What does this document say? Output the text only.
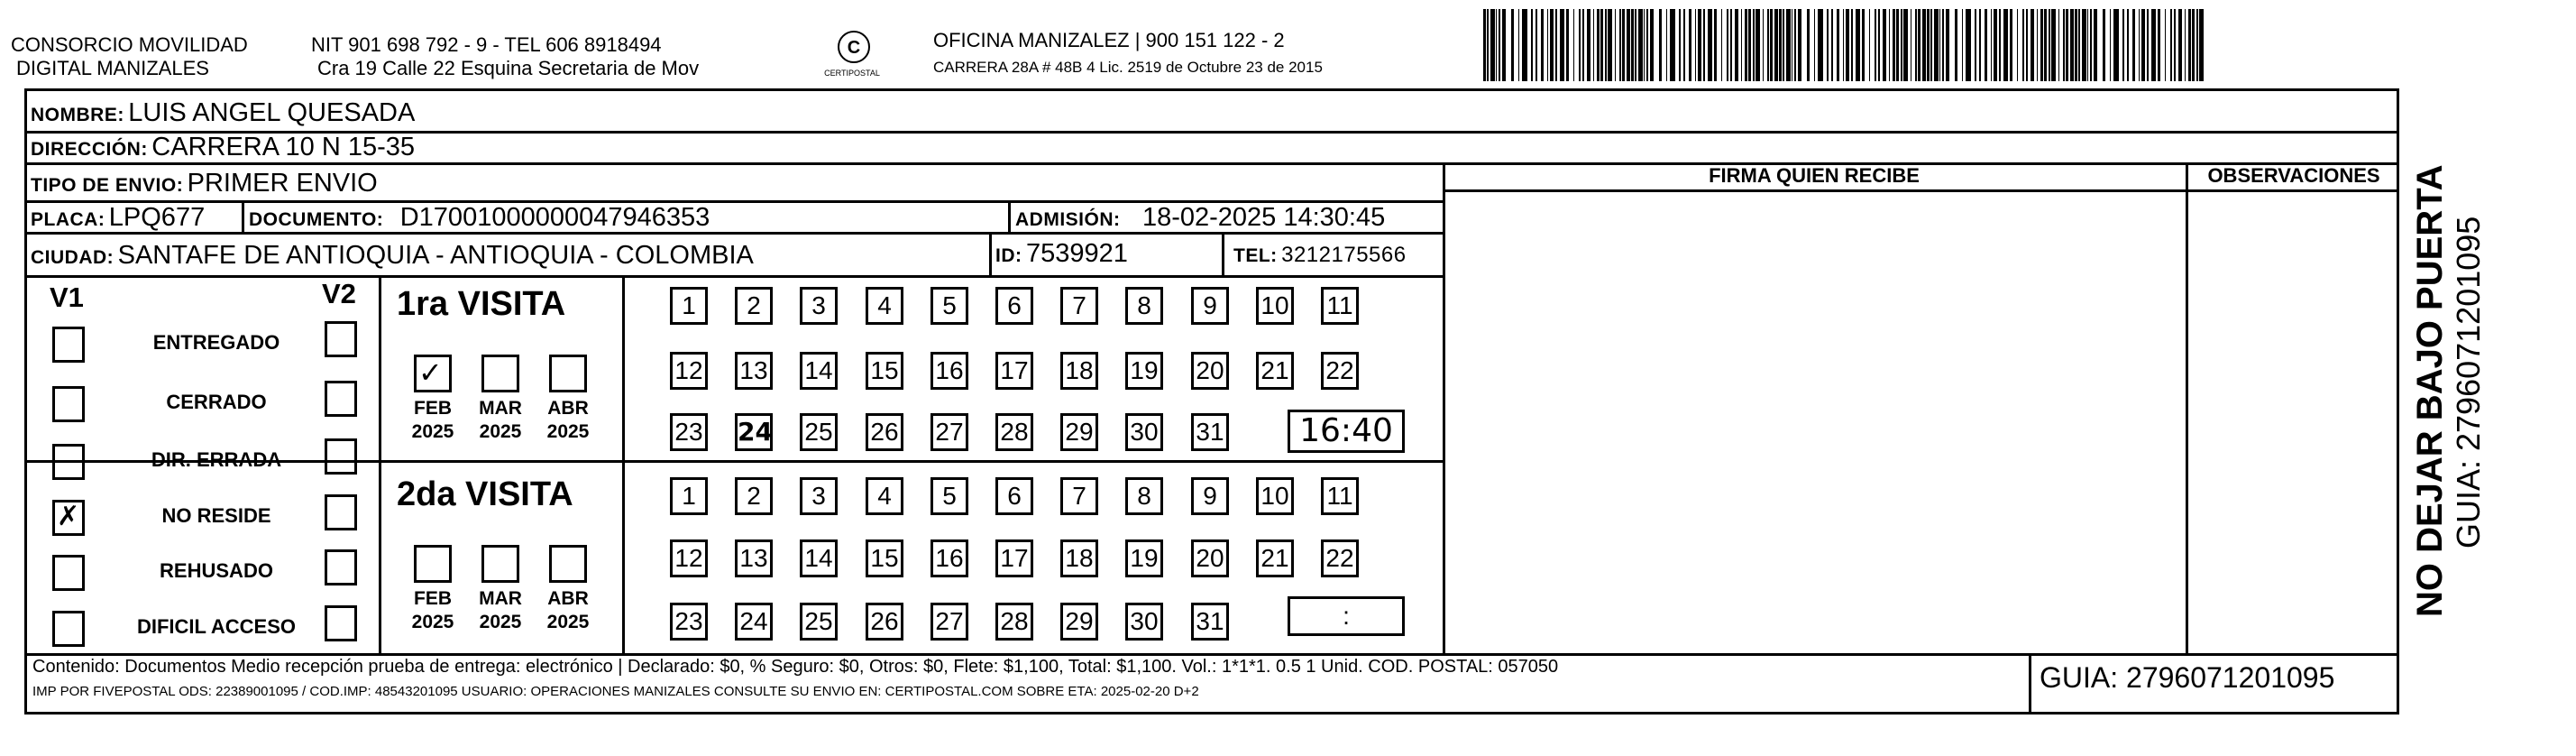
CONSORCIO MOVILIDAD
DIGITAL MANIZALES
NIT 901 698 792 - 9 - TEL 606 8918494
Cra 19 Calle 22 Esquina Secretaria de Mov
C
CERTIPOSTAL
OFICINA MANIZALEZ | 900 151 122 - 2
CARRERA 28A # 48B 4 Lic. 2519 de Octubre 23 de 2015
NOMBRE: LUIS ANGEL QUESADA
DIRECCIÓN: CARRERA 10 N 15-35
TIPO DE ENVIO: PRIMER ENVIO
PLACA: LPQ677 DOCUMENTO: D17001000000047946353	ADMISIÓN: 18-02-2025 14:30:45
CIUDAD: SANTAFE DE ANTIOQUIA - ANTIOQUIA - COLOMBIA	ID: 7539921	TEL: 3212175566
FIRMA QUIEN RECIBE	OBSERVACIONES
V1	V2
ENTREGADO
CERRADO
DIR. ERRADA
✗	NO RESIDE
REHUSADO
DIFICIL ACCESO
1ra VISITA
✓
FEB
2025
MAR
2025
ABR
2025
1	2	3	4	5	6	7	8	9	10 11
12 13 14 15 16 17 18 19 20 21 22
23 24 25 26 27 28 29 30 31	16:40
2da VISITA
FEB
2025
MAR
2025
ABR
2025
1	2	3	4	5	6	7	8	9	10 11
12 13 14 15 16 17 18 19 20 21 22
23 24 25 26 27 28 29 30 31	:
Contenido: Documentos Medio recepción prueba de entrega: electrónico | Declarado: $0, % Seguro: $0, Otros: $0, Flete: $1,100, Total: $1,100. Vol.: 1*1*1. 0.5 1 Unid. COD. POSTAL: 057050
IMP POR FIVEPOSTAL ODS: 22389001095 / COD.IMP: 48543201095 USUARIO: OPERACIONES MANIZALES CONSULTE SU ENVIO EN: CERTIPOSTAL.COM SOBRE ETA: 2025-02-20 D+2	GUIA: 2796071201095
NO DEJAR BAJO PUERTA GUIA: 2796071201095
